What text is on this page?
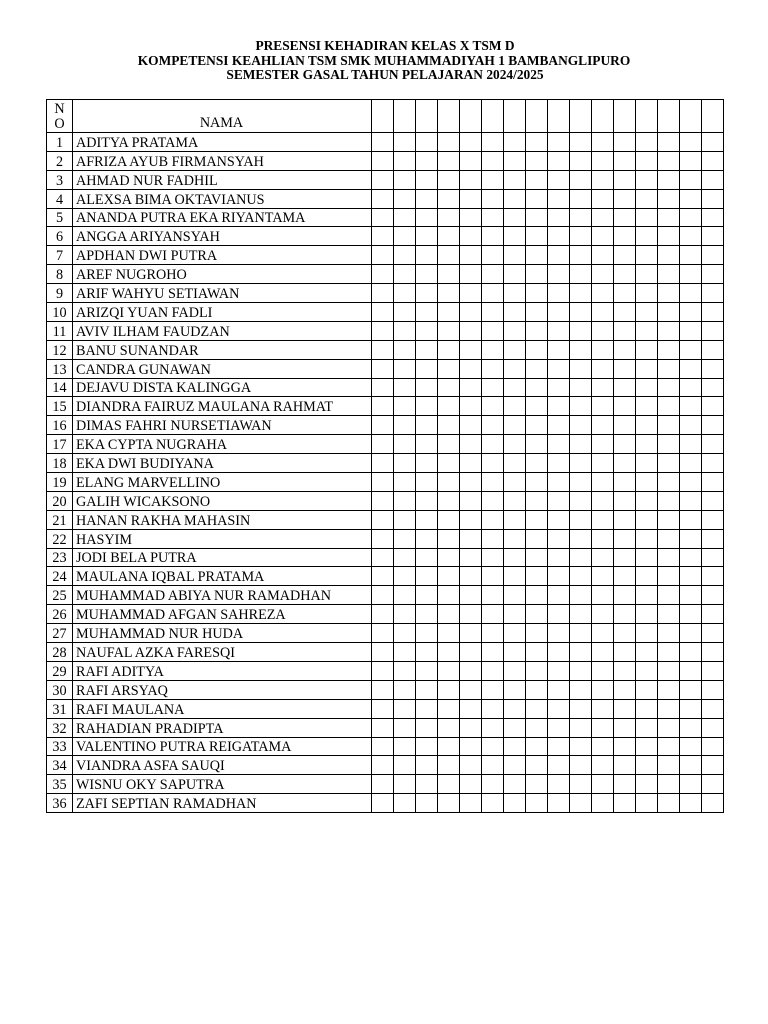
PRESENSI KEHADIRAN KELAS X TSM D
KOMPETENSI KEAHLIAN TSM SMK MUHAMMADIYAH 1 BAMBANGLIPURO
SEMESTER GASAL TAHUN PELAJARAN 2024/2025
N
O	NAMA																

1	ADITYA PRATAMA																
2	AFRIZA AYUB FIRMANSYAH																
3	AHMAD NUR FADHIL																
4	ALEXSA BIMA OKTAVIANUS																
5	ANANDA PUTRA EKA RIYANTAMA																
6	ANGGA ARIYANSYAH																
7	APDHAN DWI PUTRA																
8	AREF NUGROHO																
9	ARIF WAHYU SETIAWAN																
10	ARIZQI YUAN FADLI																
11	AVIV ILHAM FAUDZAN																
12	BANU SUNANDAR																
13	CANDRA GUNAWAN																
14	DEJAVU DISTA KALINGGA																
15	DIANDRA FAIRUZ MAULANA RAHMAT																
16	DIMAS FAHRI NURSETIAWAN																
17	EKA CYPTA NUGRAHA																
18	EKA DWI BUDIYANA																
19	ELANG MARVELLINO																
20	GALIH WICAKSONO																
21	HANAN RAKHA MAHASIN																
22	HASYIM																
23	JODI BELA PUTRA																
24	MAULANA IQBAL PRATAMA																
25	MUHAMMAD ABIYA NUR RAMADHAN																
26	MUHAMMAD AFGAN SAHREZA																
27	MUHAMMAD NUR HUDA																
28	NAUFAL AZKA FARESQI																
29	RAFI ADITYA																
30	RAFI ARSYAQ																
31	RAFI MAULANA																
32	RAHADIAN PRADIPTA																
33	VALENTINO PUTRA REIGATAMA																
34	VIANDRA ASFA SAUQI																
35	WISNU OKY SAPUTRA																
36	ZAFI SEPTIAN RAMADHAN																
